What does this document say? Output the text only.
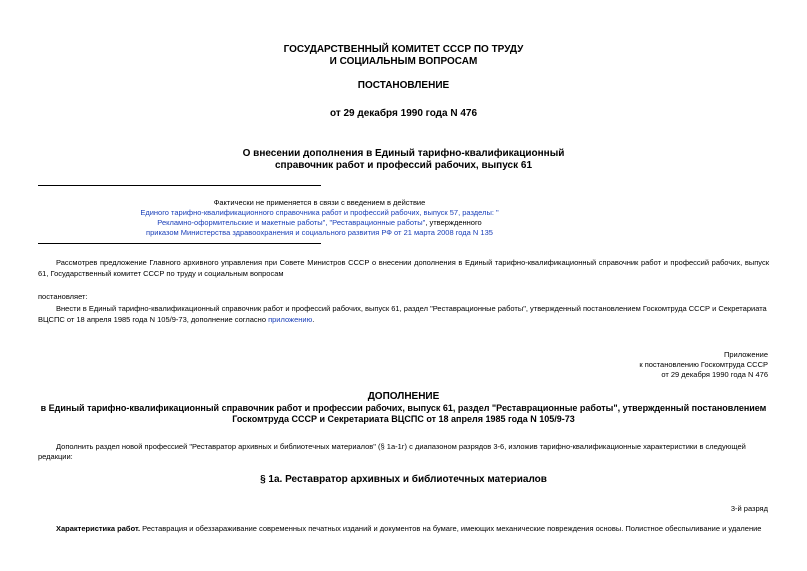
ГОСУДАРСТВЕННЫЙ КОМИТЕТ СССР ПО ТРУДУ
И СОЦИАЛЬНЫМ ВОПРОСАМ
ПОСТАНОВЛЕНИЕ
от 29 декабря 1990 года N 476
О внесении дополнения в Единый тарифно-квалификационный
справочник работ и профессий рабочих, выпуск 61
Фактически не применяется в связи с введением в действие
Единого тарифно-квалификационного справочника работ и профессий рабочих, выпуск 57, разделы: "
Рекламно-оформительские и макетные работы", "Реставрационные работы", утвержденного
приказом Министерства здравоохранения и социального развития РФ от 21 марта 2008 года N 135
Рассмотрев предложение Главного архивного управления при Совете Министров СССР о внесении дополнения в Единый тарифно-квалификационный справочник работ и профессий рабочих, выпуск 61, Государственный комитет СССР по труду и социальным вопросам
постановляет:
Внести в Единый тарифно-квалификационный справочник работ и профессий рабочих, выпуск 61, раздел "Реставрационные работы", утвержденный постановлением Госкомтруда СССР и Секретариата ВЦСПС от 18 апреля 1985 года N 105/9-73, дополнение согласно приложению.
Приложение
к постановлению Госкомтруда СССР
от 29 декабря 1990 года N 476
ДОПОЛНЕНИЕ
в Единый тарифно-квалификационный справочник работ и профессии рабочих, выпуск 61, раздел "Реставрационные работы", утвержденный постановлением
Госкомтруда СССР и Секретариата ВЦСПС от 18 апреля 1985 года N 105/9-73
Дополнить раздел новой профессией "Реставратор архивных и библиотечных материалов" (§ 1а-1г) с диапазоном разрядов 3-6, изложив тарифно-квалификационные характеристики в следующей редакции:
§ 1а. Реставратор архивных и библиотечных материалов
3-й разряд
Характеристика работ. Реставрация и обеззараживание современных печатных изданий и документов на бумаге, имеющих механические повреждения основы. Полистное обеспыливание и удаление
